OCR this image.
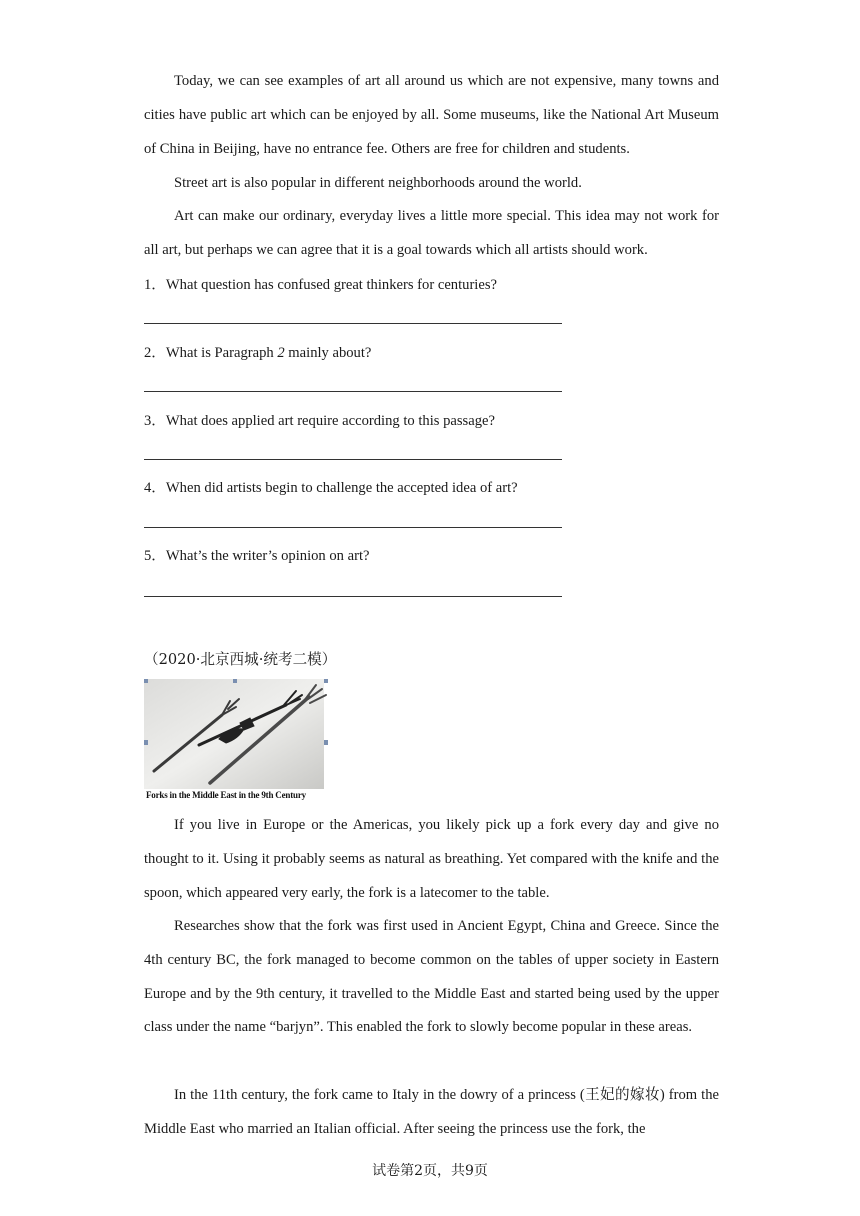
Today, we can see examples of art all around us which are not expensive, many towns and cities have public art which can be enjoyed by all. Some museums, like the National Art Museum of China in Beijing, have no entrance fee. Others are free for children and students.

Street art is also popular in different neighborhoods around the world.

Art can make our ordinary, everyday lives a little more special. This idea may not work for all art, but perhaps we can agree that it is a goal towards which all artists should work.

1．What question has confused great thinkers for centuries?
2．What is Paragraph 2 mainly about?
3．What does applied art require according to this passage?
4．When did artists begin to challenge the accepted idea of art?
5．What’s the writer’s opinion on art?
（2020·北京西城·统考二模）
Forks in the Middle East in the 9th Century

If you live in Europe or the Americas, you likely pick up a fork every day and give no thought to it. Using it probably seems as natural as breathing. Yet compared with the knife and the spoon, which appeared very early, the fork is a latecomer to the table.

Researches show that the fork was first used in Ancient Egypt, China and Greece. Since the 4th century BC, the fork managed to become common on the tables of upper society in Eastern Europe and by the 9th century, it travelled to the Middle East and started being used by the upper class under the name “barjyn”. This enabled the fork to slowly become popular in these areas.

In the 11th century, the fork came to Italy in the dowry of a princess (王妃的嫁妆) from the Middle East who married an Italian official. After seeing the princess use the fork, the

试卷第2页，共9页
